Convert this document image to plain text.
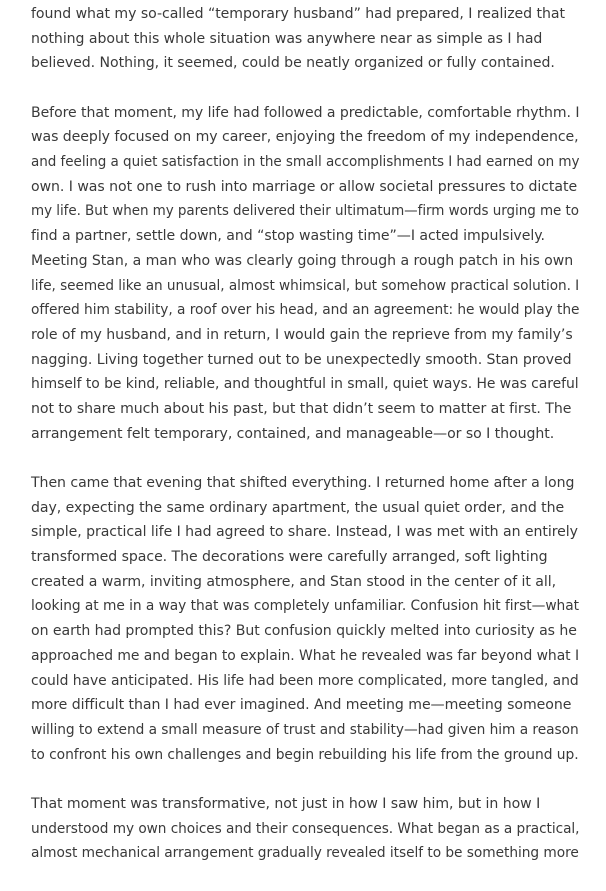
found what my so-called “temporary husband” had prepared, I realized that
nothing about this whole situation was anywhere near as simple as I had
believed. Nothing, it seemed, could be neatly organized or fully contained.

Before that moment, my life had followed a predictable, comfortable rhythm. I
was deeply focused on my career, enjoying the freedom of my independence,
and feeling a quiet satisfaction in the small accomplishments I had earned on my
own. I was not one to rush into marriage or allow societal pressures to dictate
my life. But when my parents delivered their ultimatum—firm words urging me to
find a partner, settle down, and “stop wasting time”—I acted impulsively.
Meeting Stan, a man who was clearly going through a rough patch in his own
life, seemed like an unusual, almost whimsical, but somehow practical solution. I
offered him stability, a roof over his head, and an agreement: he would play the
role of my husband, and in return, I would gain the reprieve from my family’s
nagging. Living together turned out to be unexpectedly smooth. Stan proved
himself to be kind, reliable, and thoughtful in small, quiet ways. He was careful
not to share much about his past, but that didn’t seem to matter at first. The
arrangement felt temporary, contained, and manageable—or so I thought.

Then came that evening that shifted everything. I returned home after a long
day, expecting the same ordinary apartment, the usual quiet order, and the
simple, practical life I had agreed to share. Instead, I was met with an entirely
transformed space. The decorations were carefully arranged, soft lighting
created a warm, inviting atmosphere, and Stan stood in the center of it all,
looking at me in a way that was completely unfamiliar. Confusion hit first—what
on earth had prompted this? But confusion quickly melted into curiosity as he
approached me and began to explain. What he revealed was far beyond what I
could have anticipated. His life had been more complicated, more tangled, and
more difficult than I had ever imagined. And meeting me—meeting someone
willing to extend a small measure of trust and stability—had given him a reason
to confront his own challenges and begin rebuilding his life from the ground up.

That moment was transformative, not just in how I saw him, but in how I
understood my own choices and their consequences. What began as a practical,
almost mechanical arrangement gradually revealed itself to be something more
